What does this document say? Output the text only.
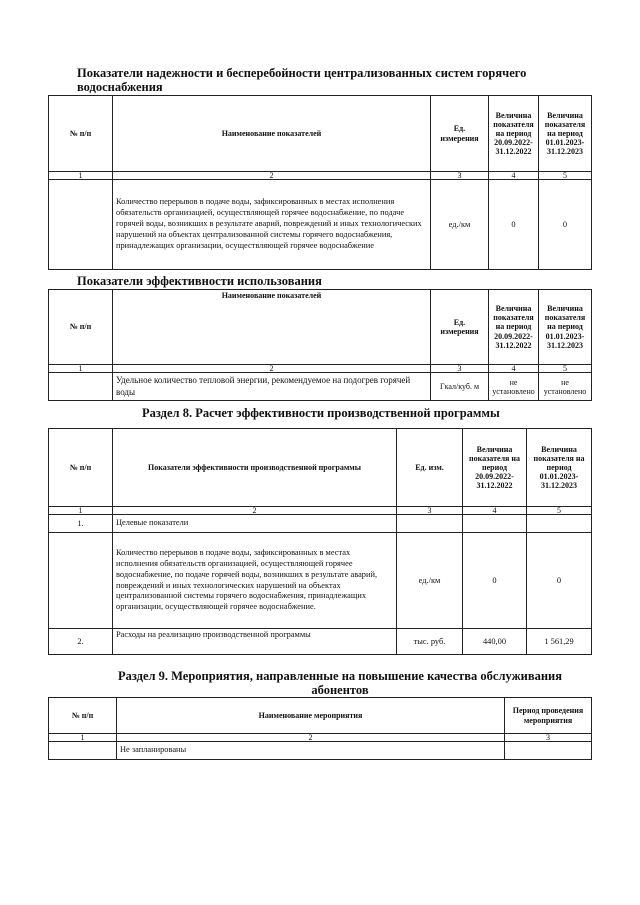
Показатели надежности и бесперебойности централизованных систем горячего водоснабжения
№ п/п	Наименование показателей	Ед. измерения	Величина показателя на период 20.09.2022-31.12.2022	Величина показателя на период 01.01.2023-31.12.2023
1	2	3	4	5
	Количество перерывов в подаче воды, зафиксированных в местах исполнения обязательств организацией, осуществляющей горячее водоснабжение, по подаче горячей воды, возникших в результате аварий, повреждений и иных технологических нарушений на объектах централизованной системы горячего водоснабжения, принадлежащих организации, осуществляющей горячее водоснабжение	ед./км	0	0
Показатели эффективности использования
№ п/п	Наименование показателей	Ед. измерения	Величина показателя на период 20.09.2022-31.12.2022	Величина показателя на период 01.01.2023-31.12.2023
1	2	3	4	5
	Удельное количество тепловой энергии, рекомендуемое на подогрев горячей воды	Гкал/куб. м	не установлено	не установлено
Раздел 8. Расчет эффективности производственной программы
№ п/п	Показатели эффективности производственной программы	Ед. изм.	Величина показателя на период 20.09.2022-31.12.2022	Величина показателя на период 01.01.2023-31.12.2023
1	2	3	4	5
1.	Целевые показатели			
	Количество перерывов в подаче воды, зафиксированных в местах исполнения обязательств организацией, осуществляющей горячее водоснабжение, по подаче горячей воды, возникших в результате аварий, повреждений и иных технологических нарушений на объектах централизованной системы горячего водоснабжения, принадлежащих организации, осуществляющей горячее водоснабжение.	ед./км	0	0
2.	Расходы на реализацию производственной программы	тыс. руб.	440,00	1 561,29
Раздел 9. Мероприятия, направленные на повышение качества обслуживания
абонентов
№ п/п	Наименование мероприятия	Период проведения мероприятия
1	2	3
	Не запланированы	
